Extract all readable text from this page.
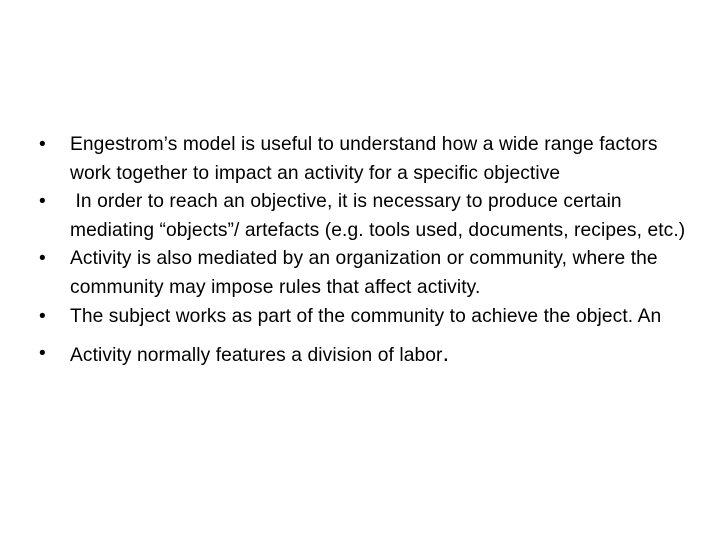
•	Engestrom’s model is useful to understand how a wide range factors work together to impact an activity for a specific objective
•	In order to reach an objective, it is necessary to produce certain mediating “objects”/ artefacts (e.g. tools used, documents, recipes, etc.)
•	Activity is also mediated by an organization or community, where the community may impose rules that affect activity.
•	The subject works as part of the community to achieve the object. An
•	Activity normally features a division of labor.
